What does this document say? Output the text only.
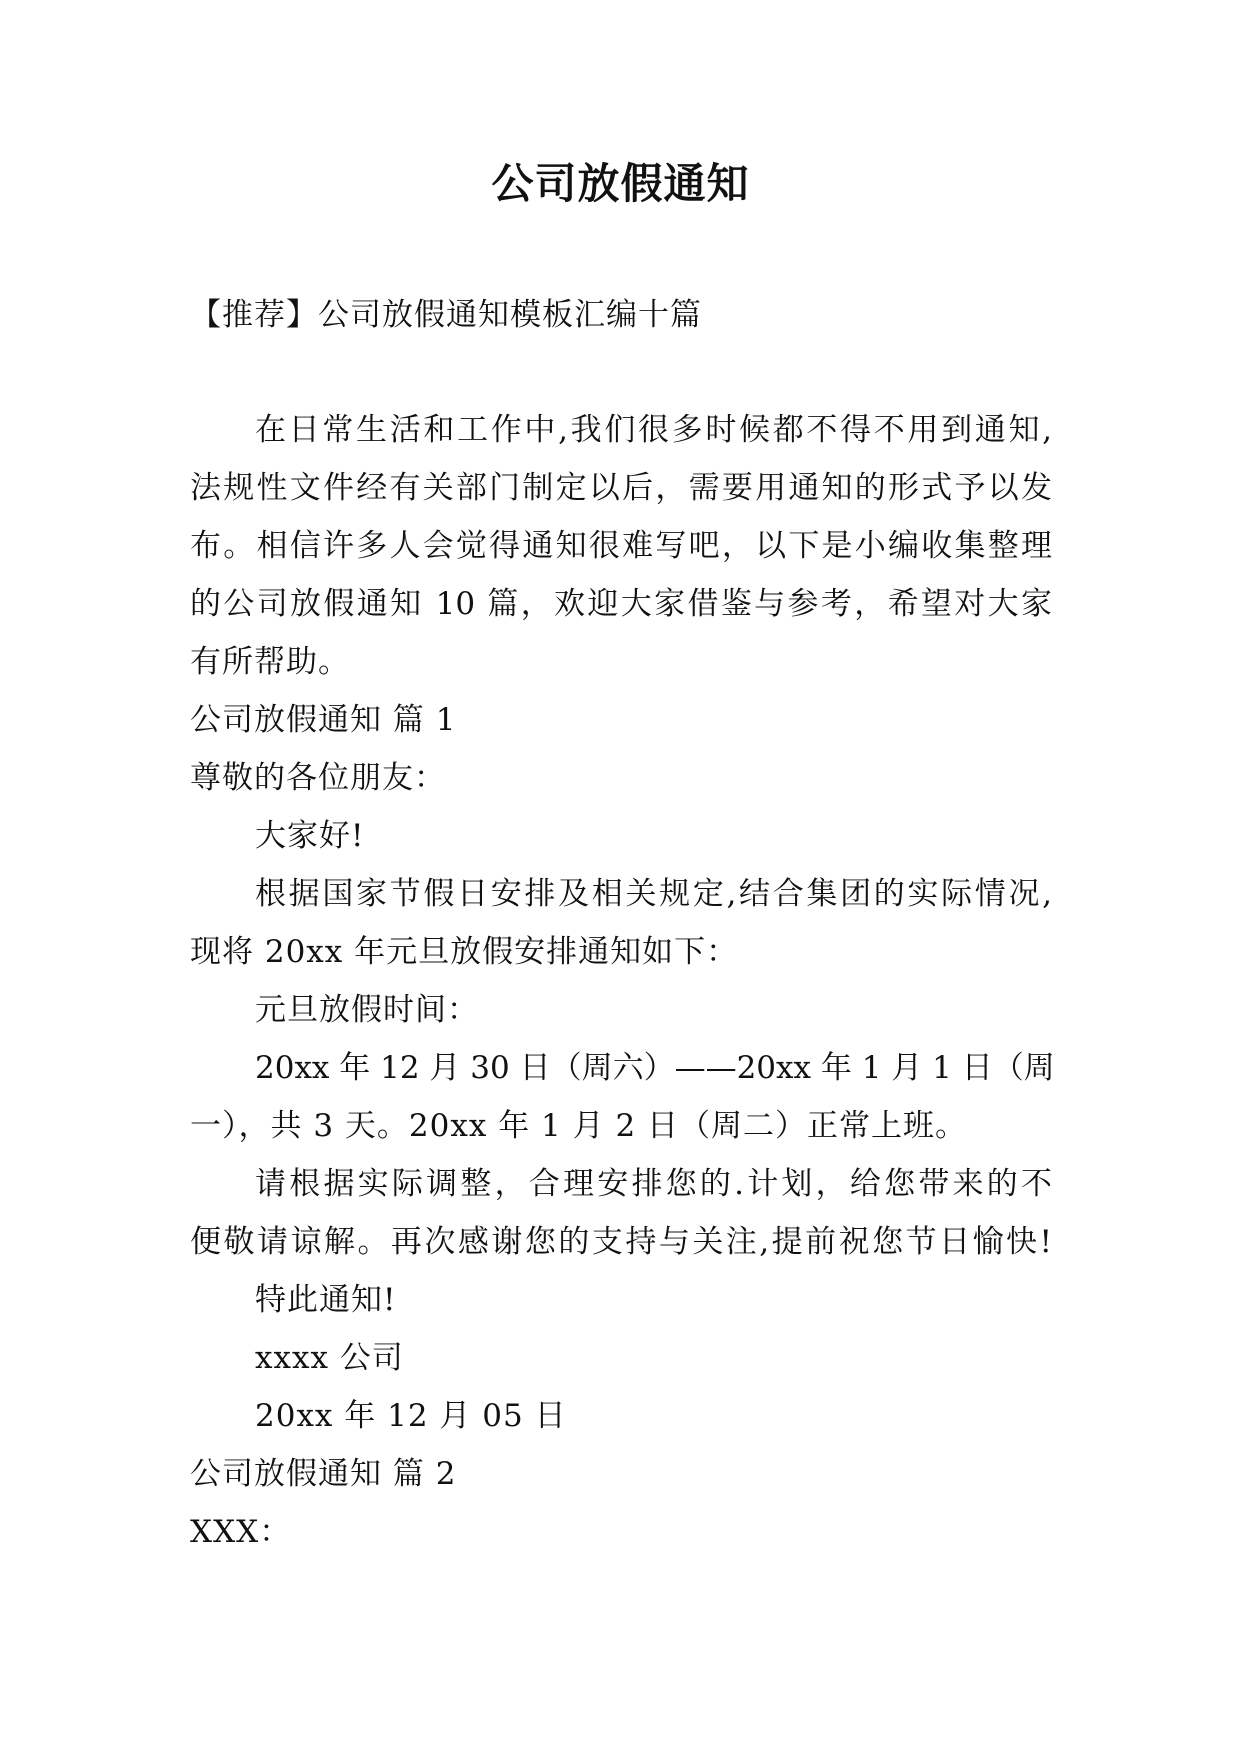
公司放假通知
【推荐】公司放假通知模板汇编十篇
在日常生活和工作中,我们很多时候都不得不用到通知,
法规性文件经有关部门制定以后，需要用通知的形式予以发
布。相信许多人会觉得通知很难写吧，以下是小编收集整理
的公司放假通知 10 篇，欢迎大家借鉴与参考，希望对大家
有所帮助。
公司放假通知 篇 1
尊敬的各位朋友：
大家好!
根据国家节假日安排及相关规定,结合集团的实际情况,
现将 20xx 年元旦放假安排通知如下：
元旦放假时间：
20xx 年 12 月 30 日（周六）——20xx 年 1 月 1 日（周
一），共 3 天。20xx 年 1 月 2 日（周二）正常上班。
请根据实际调整，合理安排您的.计划，给您带来的不
便敬请谅解。再次感谢您的支持与关注,提前祝您节日愉快!
特此通知!
xxxx 公司
20xx 年 12 月 05 日
公司放假通知 篇 2
XXX：
